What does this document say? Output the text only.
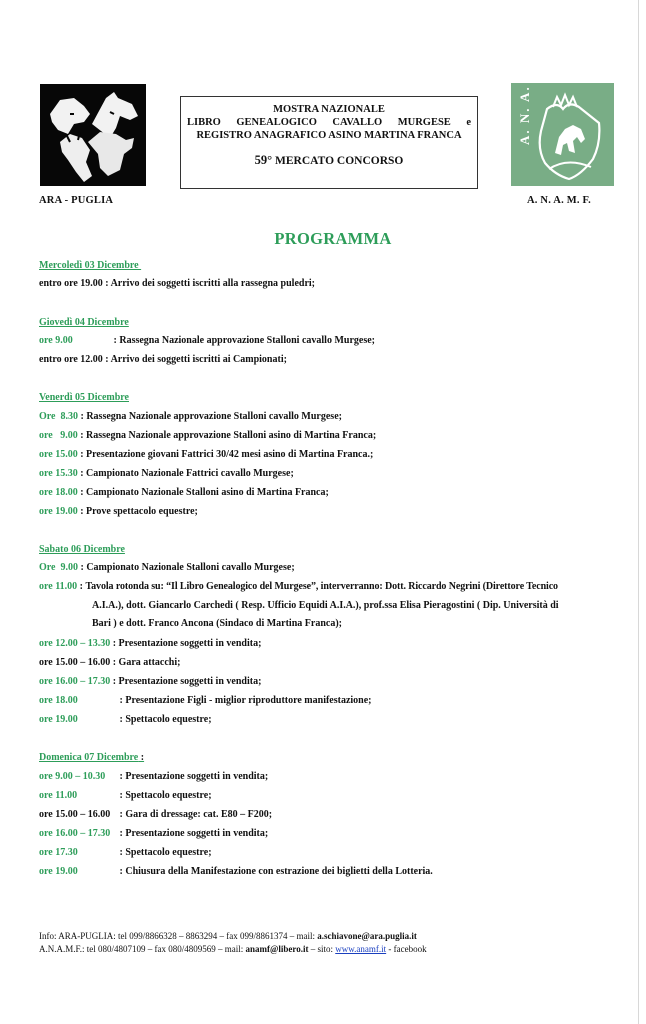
ARA - PUGLIA
MOSTRA NAZIONALE
LIBRO GENEALOGICO CAVALLO MURGESE e
REGISTRO ANAGRAFICO ASINO MARTINA FRANCA
59° MERCATO CONCORSO
A. N. A. M. F.
A. N. A. M. F.
PROGRAMMA
Mercoledì 03 Dicembre
entro ore 19.00 : Arrivo dei soggetti iscritti alla rassegna puledri;
Giovedì 04 Dicembre
ore 9.00	: Rassegna Nazionale approvazione Stalloni cavallo Murgese;
entro ore 12.00 : Arrivo dei soggetti iscritti ai Campionati;
Venerdì 05 Dicembre
Ore  8.30 : Rassegna Nazionale approvazione Stalloni cavallo Murgese;
ore   9.00 : Rassegna Nazionale approvazione Stalloni asino di Martina Franca;
ore 15.00 : Presentazione giovani Fattrici 30/42 mesi asino di Martina Franca.;
ore 15.30 : Campionato Nazionale Fattrici cavallo Murgese;
ore 18.00 : Campionato Nazionale Stalloni asino di Martina Franca;
ore 19.00 : Prove spettacolo equestre;
Sabato 06 Dicembre
Ore  9.00 : Campionato Nazionale Stalloni cavallo Murgese;
ore 11.00 : Tavola rotonda su: “Il Libro Genealogico del Murgese”, interverranno: Dott. Riccardo Negrini (Direttore Tecnico
A.I.A.), dott. Giancarlo Carchedi ( Resp. Ufficio Equidi A.I.A.), prof.ssa Elisa Pieragostini ( Dip. Università di
Bari ) e dott. Franco Ancona (Sindaco di Martina Franca);
ore 12.00 – 13.30 : Presentazione soggetti in vendita;
ore 15.00 – 16.00 : Gara attacchi;
ore 16.00 – 17.30 : Presentazione soggetti in vendita;
ore 18.00	: Presentazione Figli - miglior riproduttore manifestazione;
ore 19.00	: Spettacolo equestre;
Domenica 07 Dicembre :
ore 9.00 – 10.30 : Presentazione soggetti in vendita;
ore 11.00	: Spettacolo equestre;
ore 15.00 – 16.00 : Gara di dressage: cat. E80 – F200;
ore 16.00 – 17.30 : Presentazione soggetti in vendita;
ore 17.30	: Spettacolo equestre;
ore 19.00	: Chiusura della Manifestazione con estrazione dei biglietti della Lotteria.
Info: ARA-PUGLIA: tel 099/8866328 – 8863294 – fax 099/8861374 – mail: a.schiavone@ara.puglia.it
A.N.A.M.F.: tel 080/4807109 – fax 080/4809569 – mail: anamf@libero.it – sito: www.anamf.it - facebook
